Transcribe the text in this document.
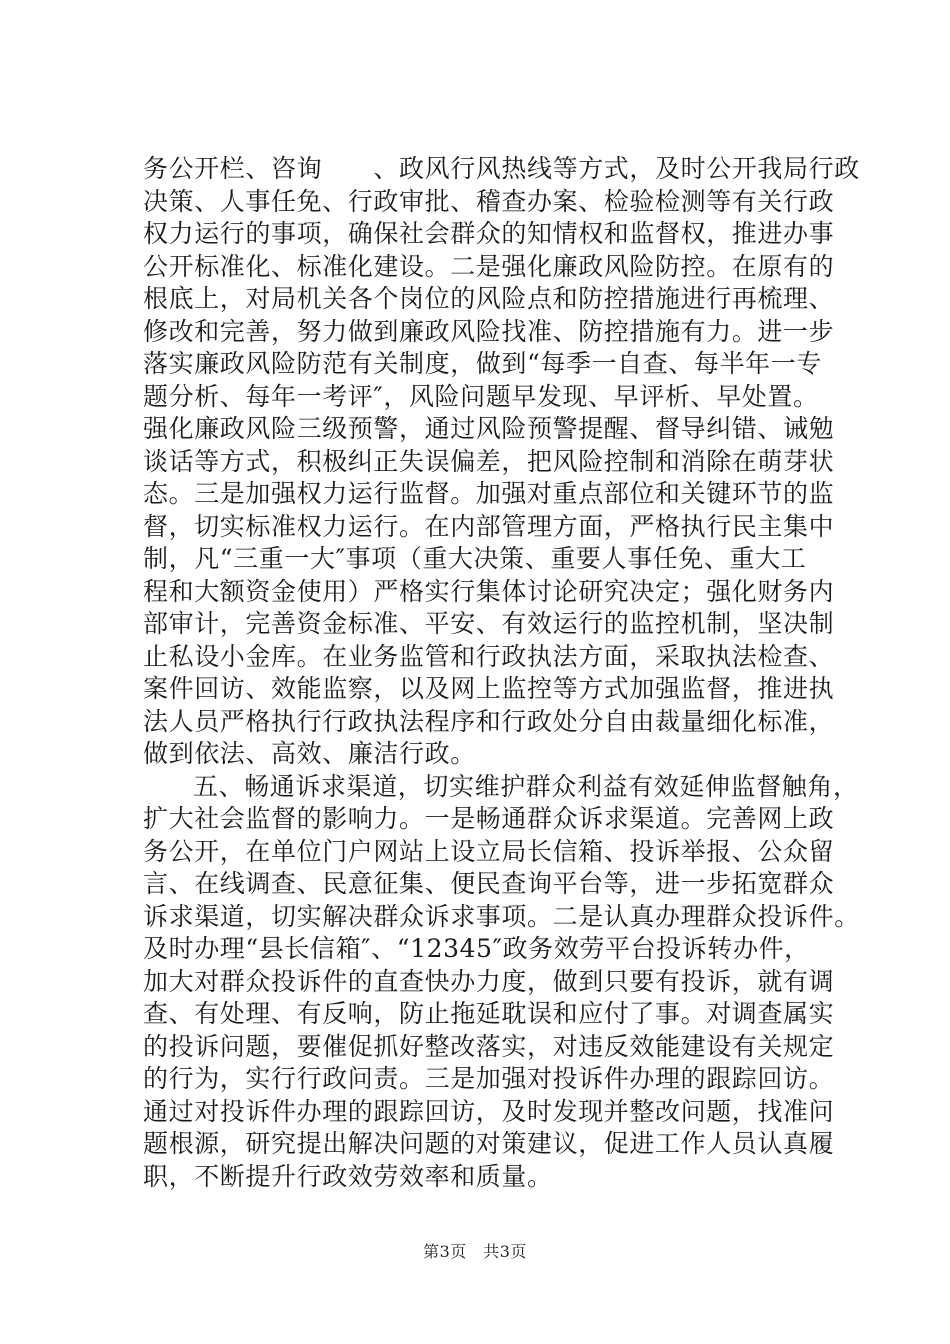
务公开栏、咨询　　、政风行风热线等方式，及时公开我局行政
决策、人事任免、行政审批、稽查办案、检验检测等有关行政
权力运行的事项，确保社会群众的知情权和监督权，推进办事
公开标准化、标准化建设。二是强化廉政风险防控。在原有的
根底上，对局机关各个岗位的风险点和防控措施进行再梳理、
修改和完善，努力做到廉政风险找准、防控措施有力。进一步
落实廉政风险防范有关制度，做到“每季一自查、每半年一专
题分析、每年一考评″，风险问题早发现、早评析、早处置。
强化廉政风险三级预警，通过风险预警提醒、督导纠错、诫勉
谈话等方式，积极纠正失误偏差，把风险控制和消除在萌芽状
态。三是加强权力运行监督。加强对重点部位和关键环节的监
督，切实标准权力运行。在内部管理方面，严格执行民主集中
制，凡“三重一大″事项（重大决策、重要人事任免、重大工
程和大额资金使用）严格实行集体讨论研究决定；强化财务内
部审计，完善资金标准、平安、有效运行的监控机制，坚决制
止私设小金库。在业务监管和行政执法方面，采取执法检查、
案件回访、效能监察，以及网上监控等方式加强监督，推进执
法人员严格执行行政执法程序和行政处分自由裁量细化标准，
做到依法、高效、廉洁行政。
五、畅通诉求渠道，切实维护群众利益有效延伸监督触角，
扩大社会监督的影响力。一是畅通群众诉求渠道。完善网上政
务公开，在单位门户网站上设立局长信箱、投诉举报、公众留
言、在线调查、民意征集、便民查询平台等，进一步拓宽群众
诉求渠道，切实解决群众诉求事项。二是认真办理群众投诉件。
及时办理“县长信箱″、“12345″政务效劳平台投诉转办件，
加大对群众投诉件的直查快办力度，做到只要有投诉，就有调
查、有处理、有反响，防止拖延耽误和应付了事。对调查属实
的投诉问题，要催促抓好整改落实，对违反效能建设有关规定
的行为，实行行政问责。三是加强对投诉件办理的跟踪回访。
通过对投诉件办理的跟踪回访，及时发现并整改问题，找准问
题根源，研究提出解决问题的对策建议，促进工作人员认真履
职，不断提升行政效劳效率和质量。
第3页　共3页
